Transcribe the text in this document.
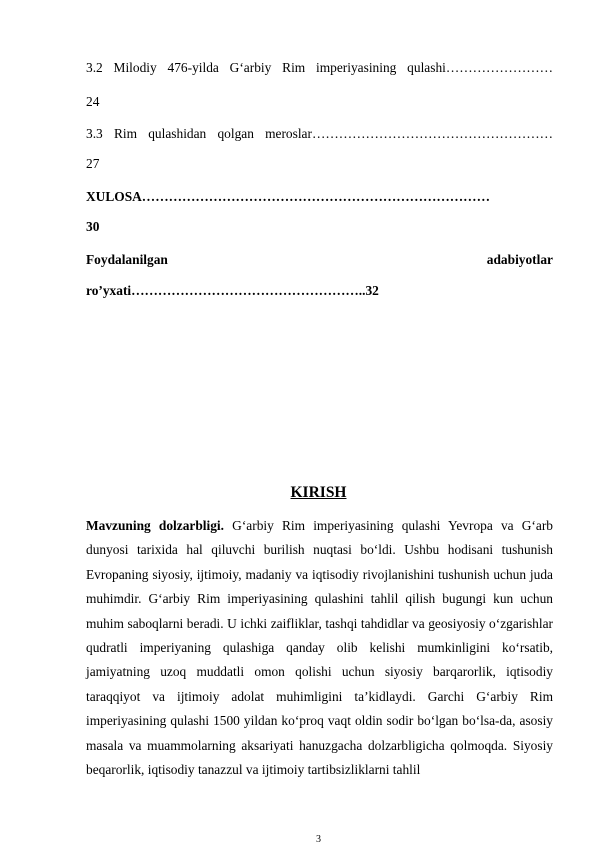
3.2 Milodiy 476-yilda G‘arbiy Rim imperiyasining qulashi……………………
24
3.3 Rim qulashidan qolgan meroslar………………………………………………
27
XULOSA……………………………………………………………………
30
Foydalanilgan	adabiyotlar
ro’yxati……………………………………………..32
KIRISH
Mavzuning dolzarbligi. G‘arbiy Rim imperiyasining qulashi Yevropa va G‘arb dunyosi tarixida hal qiluvchi burilish nuqtasi bo‘ldi. Ushbu hodisani tushunish Evropaning siyosiy, ijtimoiy, madaniy va iqtisodiy rivojlanishini tushunish uchun juda muhimdir. G‘arbiy Rim imperiyasining qulashini tahlil qilish bugungi kun uchun muhim saboqlarni beradi. U ichki zaifliklar, tashqi tahdidlar va geosiyosiy o‘zgarishlar qudratli imperiyaning qulashiga qanday olib kelishi mumkinligini ko‘rsatib, jamiyatning uzoq muddatli omon qolishi uchun siyosiy barqarorlik, iqtisodiy taraqqiyot va ijtimoiy adolat muhimligini ta’kidlaydi. Garchi G‘arbiy Rim imperiyasining qulashi 1500 yildan ko‘proq vaqt oldin sodir bo‘lgan bo‘lsa-da, asosiy masala va muammolarning aksariyati hanuzgacha dolzarbligicha qolmoqda. Siyosiy beqarorlik, iqtisodiy tanazzul va ijtimoiy tartibsizliklarni tahlil
3
